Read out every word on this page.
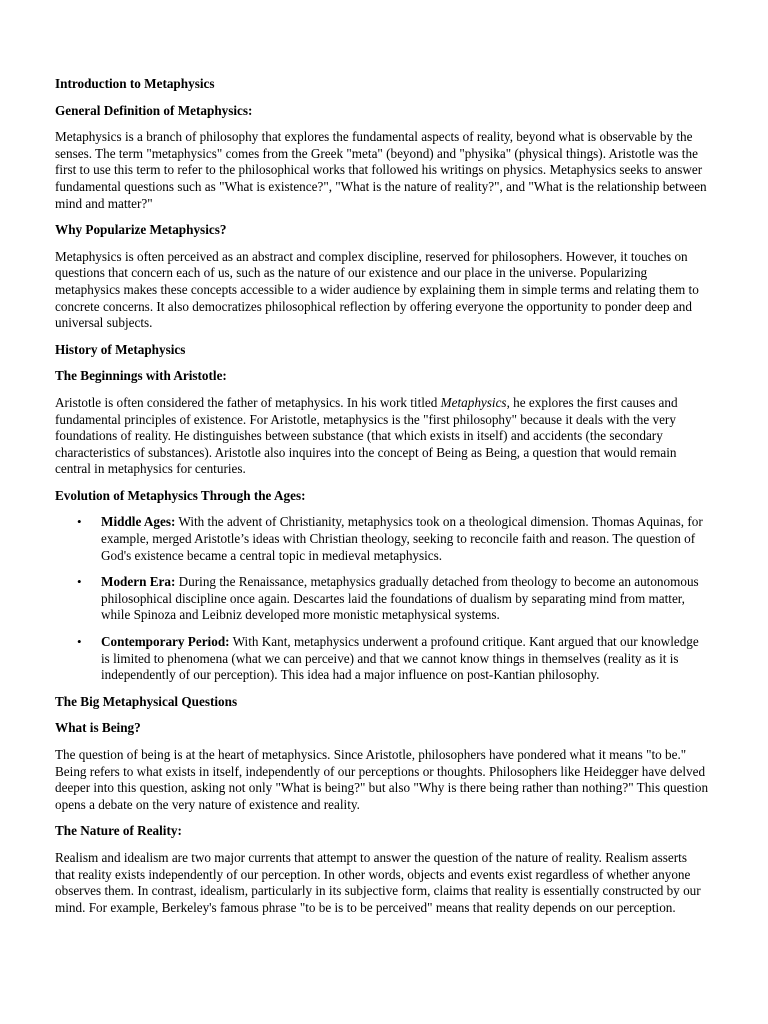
Introduction to Metaphysics
General Definition of Metaphysics:

Metaphysics is a branch of philosophy that explores the fundamental aspects of reality, beyond what is observable by the senses. The term "metaphysics" comes from the Greek "meta" (beyond) and "physika" (physical things). Aristotle was the first to use this term to refer to the philosophical works that followed his writings on physics. Metaphysics seeks to answer fundamental questions such as "What is existence?", "What is the nature of reality?", and "What is the relationship between mind and matter?"

Why Popularize Metaphysics?

Metaphysics is often perceived as an abstract and complex discipline, reserved for philosophers. However, it touches on questions that concern each of us, such as the nature of our existence and our place in the universe. Popularizing metaphysics makes these concepts accessible to a wider audience by explaining them in simple terms and relating them to concrete concerns. It also democratizes philosophical reflection by offering everyone the opportunity to ponder deep and universal subjects.

History of Metaphysics
The Beginnings with Aristotle:

Aristotle is often considered the father of metaphysics. In his work titled Metaphysics, he explores the first causes and fundamental principles of existence. For Aristotle, metaphysics is the "first philosophy" because it deals with the very foundations of reality. He distinguishes between substance (that which exists in itself) and accidents (the secondary characteristics of substances). Aristotle also inquires into the concept of Being as Being, a question that would remain central in metaphysics for centuries.

Evolution of Metaphysics Through the Ages:
• Middle Ages: With the advent of Christianity, metaphysics took on a theological dimension. Thomas Aquinas, for example, merged Aristotle’s ideas with Christian theology, seeking to reconcile faith and reason. The question of God's existence became a central topic in medieval metaphysics.
• Modern Era: During the Renaissance, metaphysics gradually detached from theology to become an autonomous philosophical discipline once again. Descartes laid the foundations of dualism by separating mind from matter, while Spinoza and Leibniz developed more monistic metaphysical systems.
• Contemporary Period: With Kant, metaphysics underwent a profound critique. Kant argued that our knowledge is limited to phenomena (what we can perceive) and that we cannot know things in themselves (reality as it is independently of our perception). This idea had a major influence on post-Kantian philosophy.
The Big Metaphysical Questions
What is Being?

The question of being is at the heart of metaphysics. Since Aristotle, philosophers have pondered what it means "to be." Being refers to what exists in itself, independently of our perceptions or thoughts. Philosophers like Heidegger have delved deeper into this question, asking not only "What is being?" but also "Why is there being rather than nothing?" This question opens a debate on the very nature of existence and reality.

The Nature of Reality:

Realism and idealism are two major currents that attempt to answer the question of the nature of reality. Realism asserts that reality exists independently of our perception. In other words, objects and events exist regardless of whether anyone observes them. In contrast, idealism, particularly in its subjective form, claims that reality is essentially constructed by our mind. For example, Berkeley's famous phrase "to be is to be perceived" means that reality depends on our perception.
